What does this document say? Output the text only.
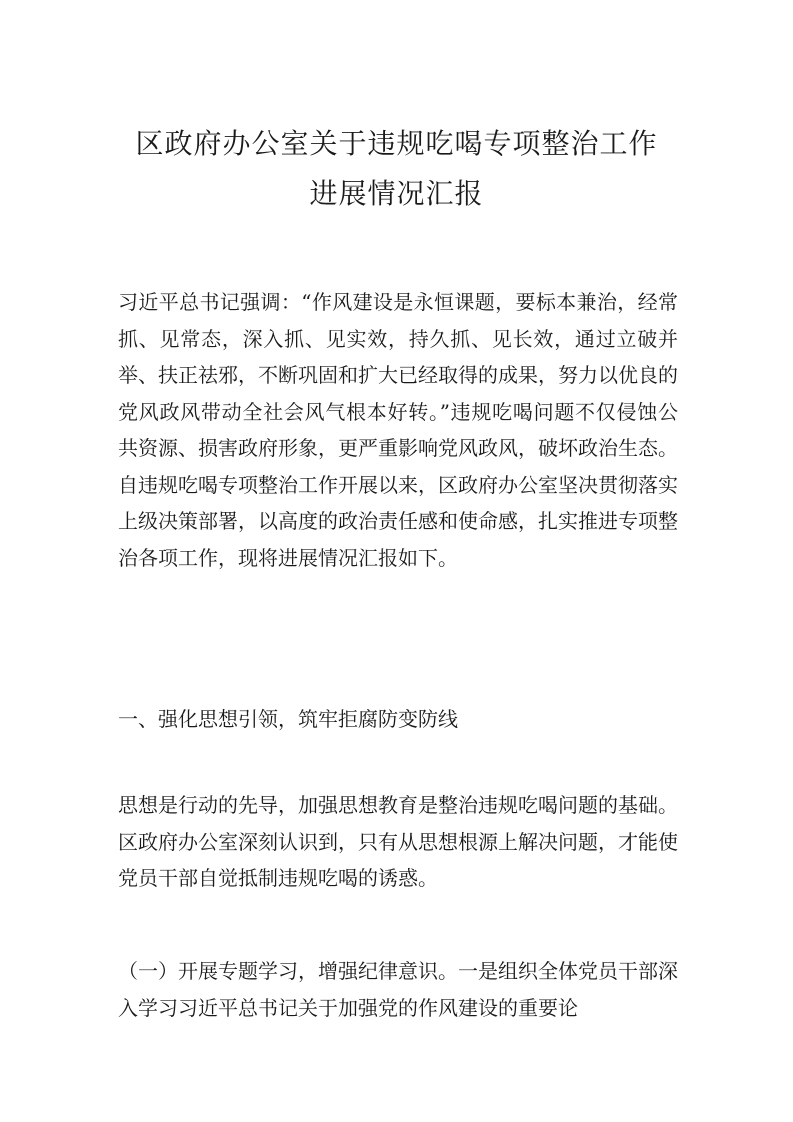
区政府办公室关于违规吃喝专项整治工作
进展情况汇报

习近平总书记强调：“作风建设是永恒课题，要标本兼治，经常抓、见常态，深入抓、见实效，持久抓、见长效，通过立破并举、扶正祛邪，不断巩固和扩大已经取得的成果，努力以优良的党风政风带动全社会风气根本好转。”违规吃喝问题不仅侵蚀公共资源、损害政府形象，更严重影响党风政风，破坏政治生态。自违规吃喝专项整治工作开展以来，区政府办公室坚决贯彻落实上级决策部署，以高度的政治责任感和使命感，扎实推进专项整治各项工作，现将进展情况汇报如下。

一、强化思想引领，筑牢拒腐防变防线

思想是行动的先导，加强思想教育是整治违规吃喝问题的基础。区政府办公室深刻认识到，只有从思想根源上解决问题，才能使党员干部自觉抵制违规吃喝的诱惑。

（一）开展专题学习，增强纪律意识。一是组织全体党员干部深入学习习近平总书记关于加强党的作风建设的重要论
